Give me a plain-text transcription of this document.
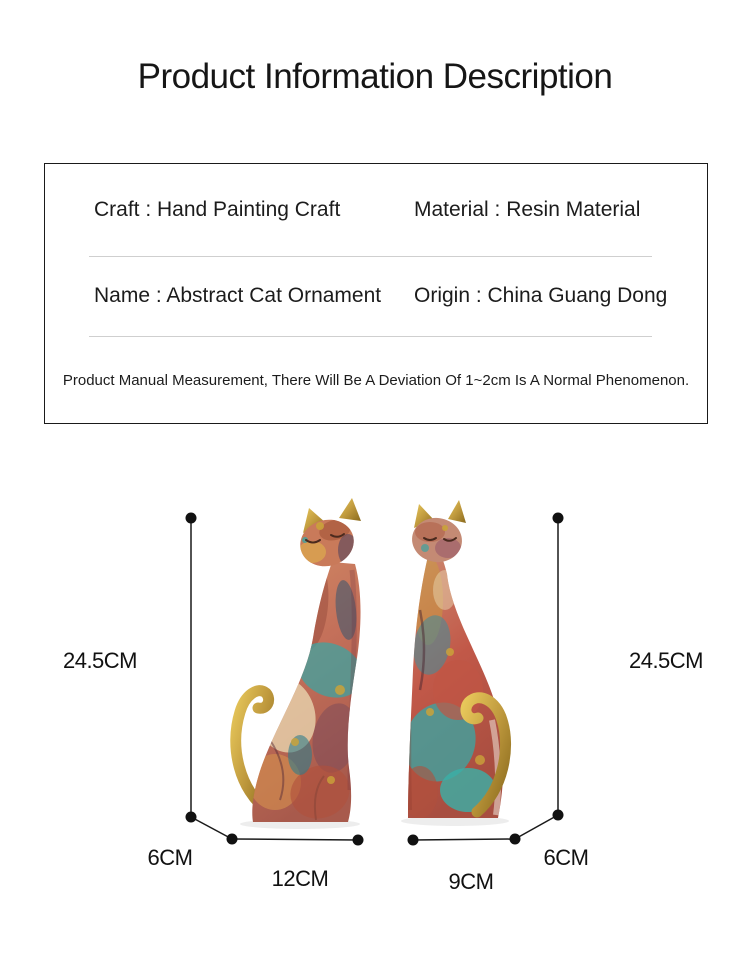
Product Information Description
Craft : Hand Painting Craft	Material : Resin Material
Name : Abstract Cat Ornament Origin : China Guang Dong
Product Manual Measurement, There Will Be A Deviation Of 1~2cm Is A Normal Phenomenon.
24.5CM	24.5CM
6CM
12CM	9CM
6CM
